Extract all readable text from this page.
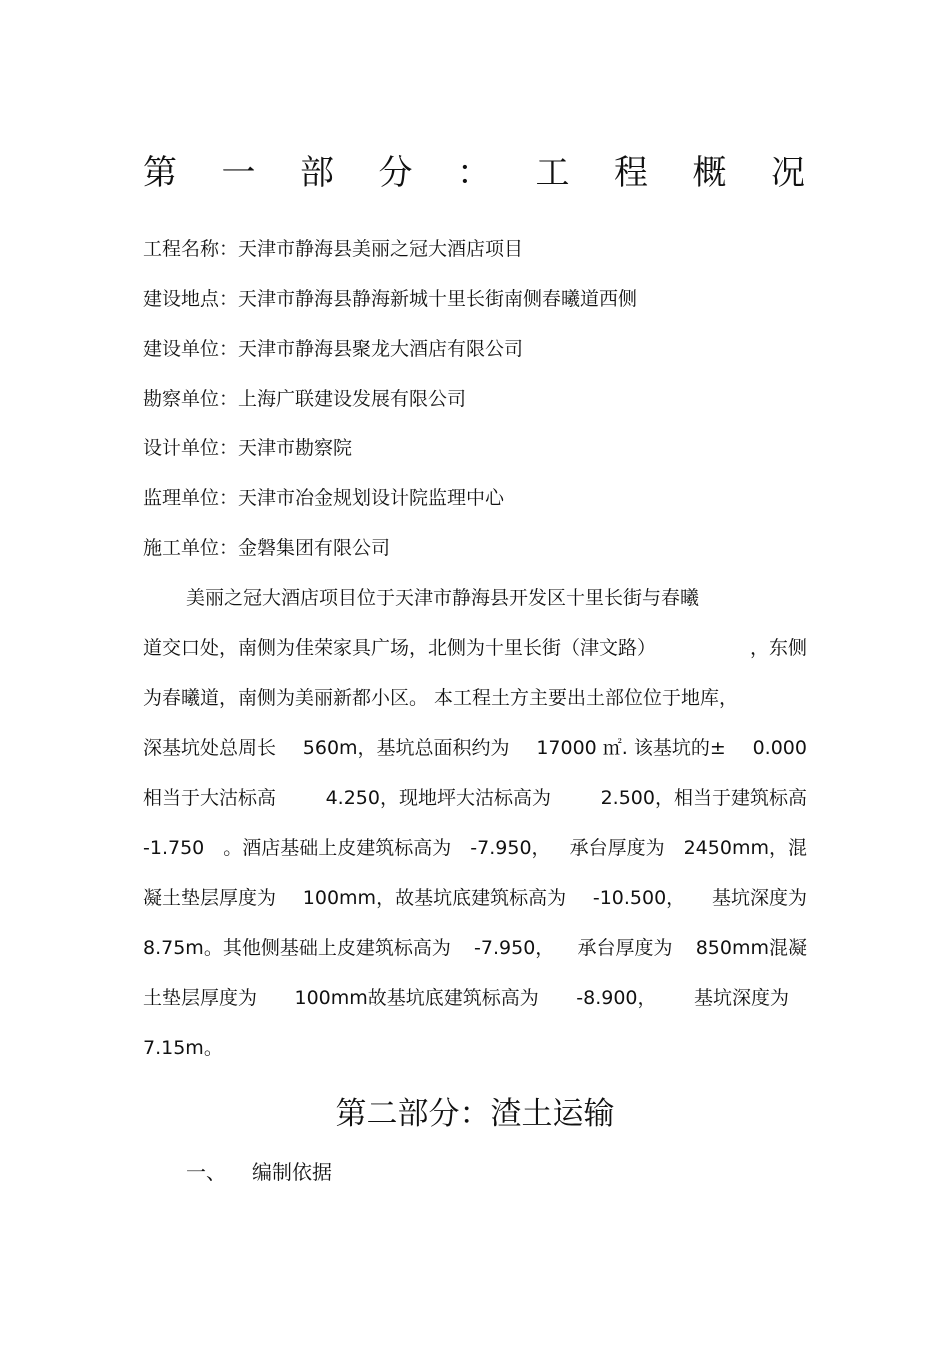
第 一 部 分 ： 工 程 概 况
工程名称：天津市静海县美丽之冠大酒店项目
建设地点：天津市静海县静海新城十里长街南侧春曦道西侧
建设单位：天津市静海县聚龙大酒店有限公司
勘察单位：上海广联建设发展有限公司
设计单位：天津市勘察院
监理单位：天津市冶金规划设计院监理中心
施工单位：金磐集团有限公司
美丽之冠大酒店项目位于天津市静海县开发区十里长街与春曦
道交口处，南侧为佳荣家具广场，北侧为十里长街（津文路）	，东侧
为春曦道，南侧为美丽新都小区。 本工程土方主要出土部位位于地库，
深基坑处总周长 560m，基坑总面积约为 17000 ㎡. 该基坑的± 0.000
相当于大沽标高	4.250，现地坪大沽标高为	2.500，相当于建筑标高
-1.750 。酒店基础上皮建筑标高为 -7.950， 承台厚度为 2450mm，混
凝土垫层厚度为 100mm，故基坑底建筑标高为 -10.500， 基坑深度为
8.75m。其他侧基础上皮建筑标高为 -7.950， 承台厚度为 850mm混凝
土垫层厚度为 100mm故基坑底建筑标高为 -8.900， 基坑深度为
7.15m。
第二部分：渣土运输
一、 编制依据
